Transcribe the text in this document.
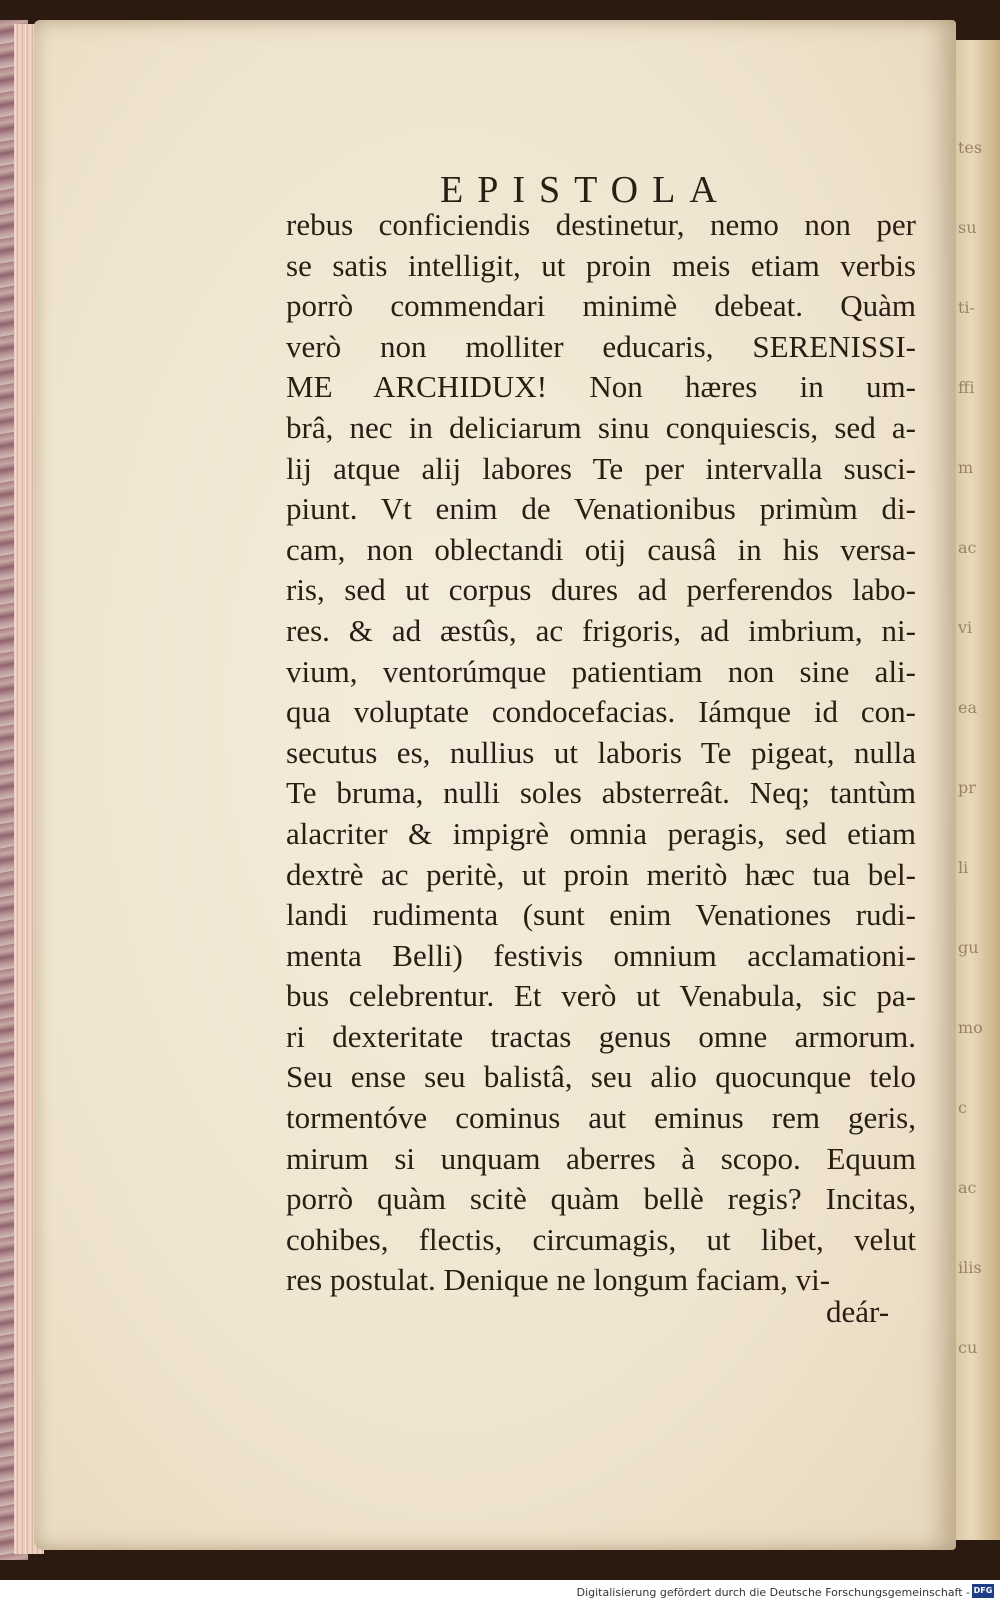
EPISTOLA
rebus conficiendis destinetur, nemo non per
se satis intelligit, ut proin meis etiam verbis
porrò commendari minimè debeat. Quàm
verò non molliter educaris, SERENISSI-
ME ARCHIDUX! Non hæres in um-
brâ, nec in deliciarum sinu conquiescis, sed a-
lij atque alij labores Te per intervalla susci-
piunt. Vt enim de Venationibus primùm di-
cam, non oblectandi otij causâ in his versa-
ris, sed ut corpus dures ad perferendos labo-
res. & ad æstûs, ac frigoris, ad imbrium, ni-
vium, ventorúmque patientiam non sine ali-
qua voluptate condocefacias. Iámque id con-
secutus es, nullius ut laboris Te pigeat, nulla
Te bruma, nulli soles absterreât. Neq; tantùm
alacriter & impigrè omnia peragis, sed etiam
dextrè ac peritè, ut proin meritò hæc tua bel-
landi rudimenta (sunt enim Venationes rudi-
menta Belli) festivis omnium acclamationi-
bus celebrentur. Et verò ut Venabula, sic pa-
ri dexteritate tractas genus omne armorum.
Seu ense seu balistâ, seu alio quocunque telo
tormentóve cominus aut eminus rem geris,
mirum si unquam aberres à scopo. Equum
porrò quàm scitè quàm bellè regis? Incitas,
cohibes, flectis, circumagis, ut libet, velut
res postulat. Denique ne longum faciam, vi-
deár-
tes
su
ti-
ffi
m
ac
vi
ea
pr
li
gu
mo
c
ac
ilis
cu
Digitalisierung gefördert durch die Deutsche Forschungsgemeinschaft - DFG
